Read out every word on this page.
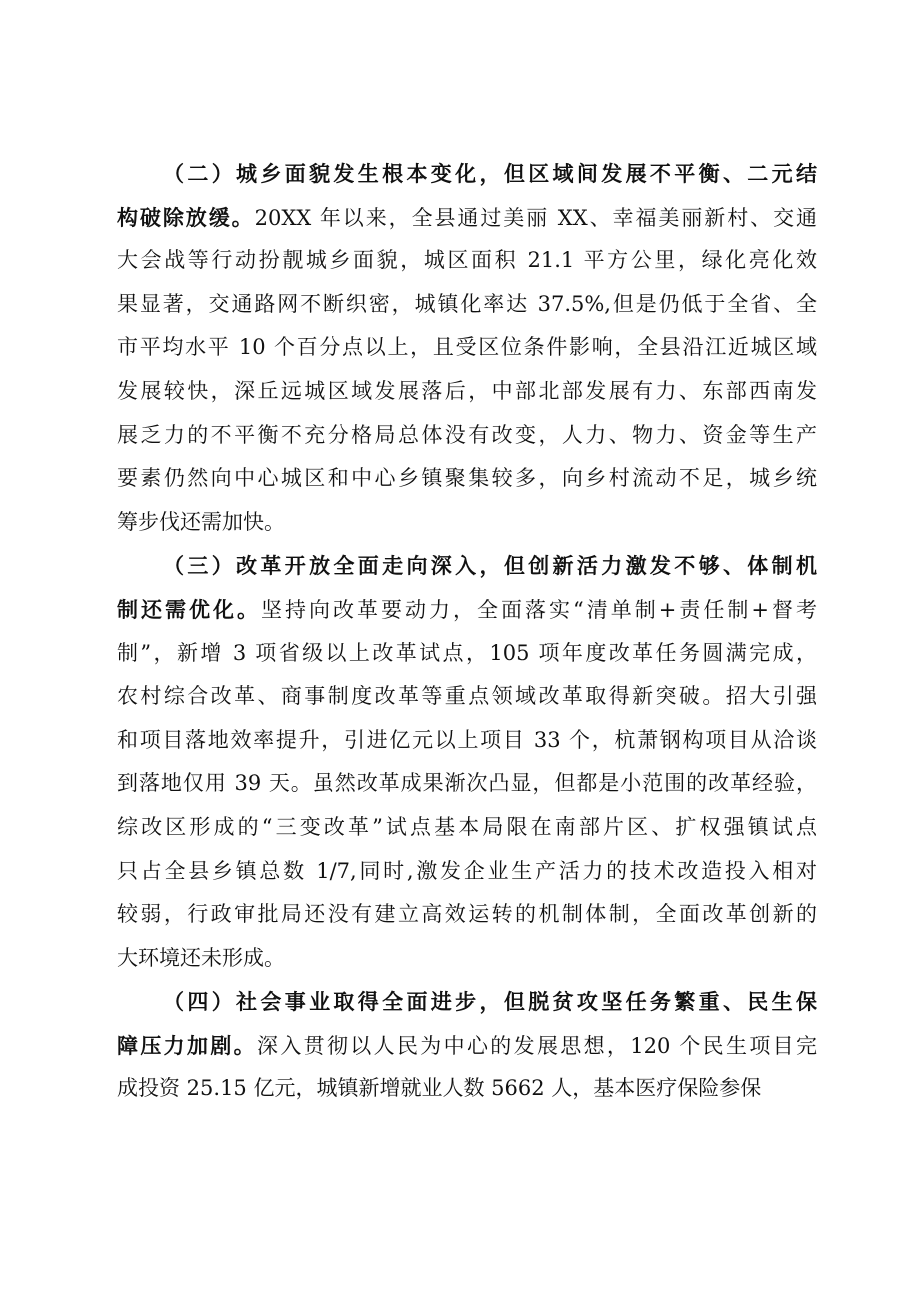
（二）城乡面貌发生根本变化，但区域间发展不平衡、二元结
构破除放缓。20XX 年以来，全县通过美丽 XX、幸福美丽新村、交通
大会战等行动扮靓城乡面貌，城区面积 21.1 平方公里，绿化亮化效
果显著，交通路网不断织密，城镇化率达 37.5%,但是仍低于全省、全
市平均水平 10 个百分点以上，且受区位条件影响，全县沿江近城区域
发展较快，深丘远城区域发展落后，中部北部发展有力、东部西南发
展乏力的不平衡不充分格局总体没有改变，人力、物力、资金等生产
要素仍然向中心城区和中心乡镇聚集较多，向乡村流动不足，城乡统
筹步伐还需加快。
（三）改革开放全面走向深入，但创新活力激发不够、体制机
制还需优化。坚持向改革要动力，全面落实“清单制+责任制+督考
制”，新增 3 项省级以上改革试点，105 项年度改革任务圆满完成，
农村综合改革、商事制度改革等重点领域改革取得新突破。招大引强
和项目落地效率提升，引进亿元以上项目 33 个，杭萧钢构项目从洽谈
到落地仅用 39 天。虽然改革成果渐次凸显，但都是小范围的改革经验，
综改区形成的“三变改革”试点基本局限在南部片区、扩权强镇试点
只占全县乡镇总数 1/7,同时,激发企业生产活力的技术改造投入相对
较弱，行政审批局还没有建立高效运转的机制体制，全面改革创新的
大环境还未形成。
（四）社会事业取得全面进步，但脱贫攻坚任务繁重、民生保
障压力加剧。深入贯彻以人民为中心的发展思想，120 个民生项目完
成投资 25.15 亿元，城镇新增就业人数 5662 人，基本医疗保险参保
